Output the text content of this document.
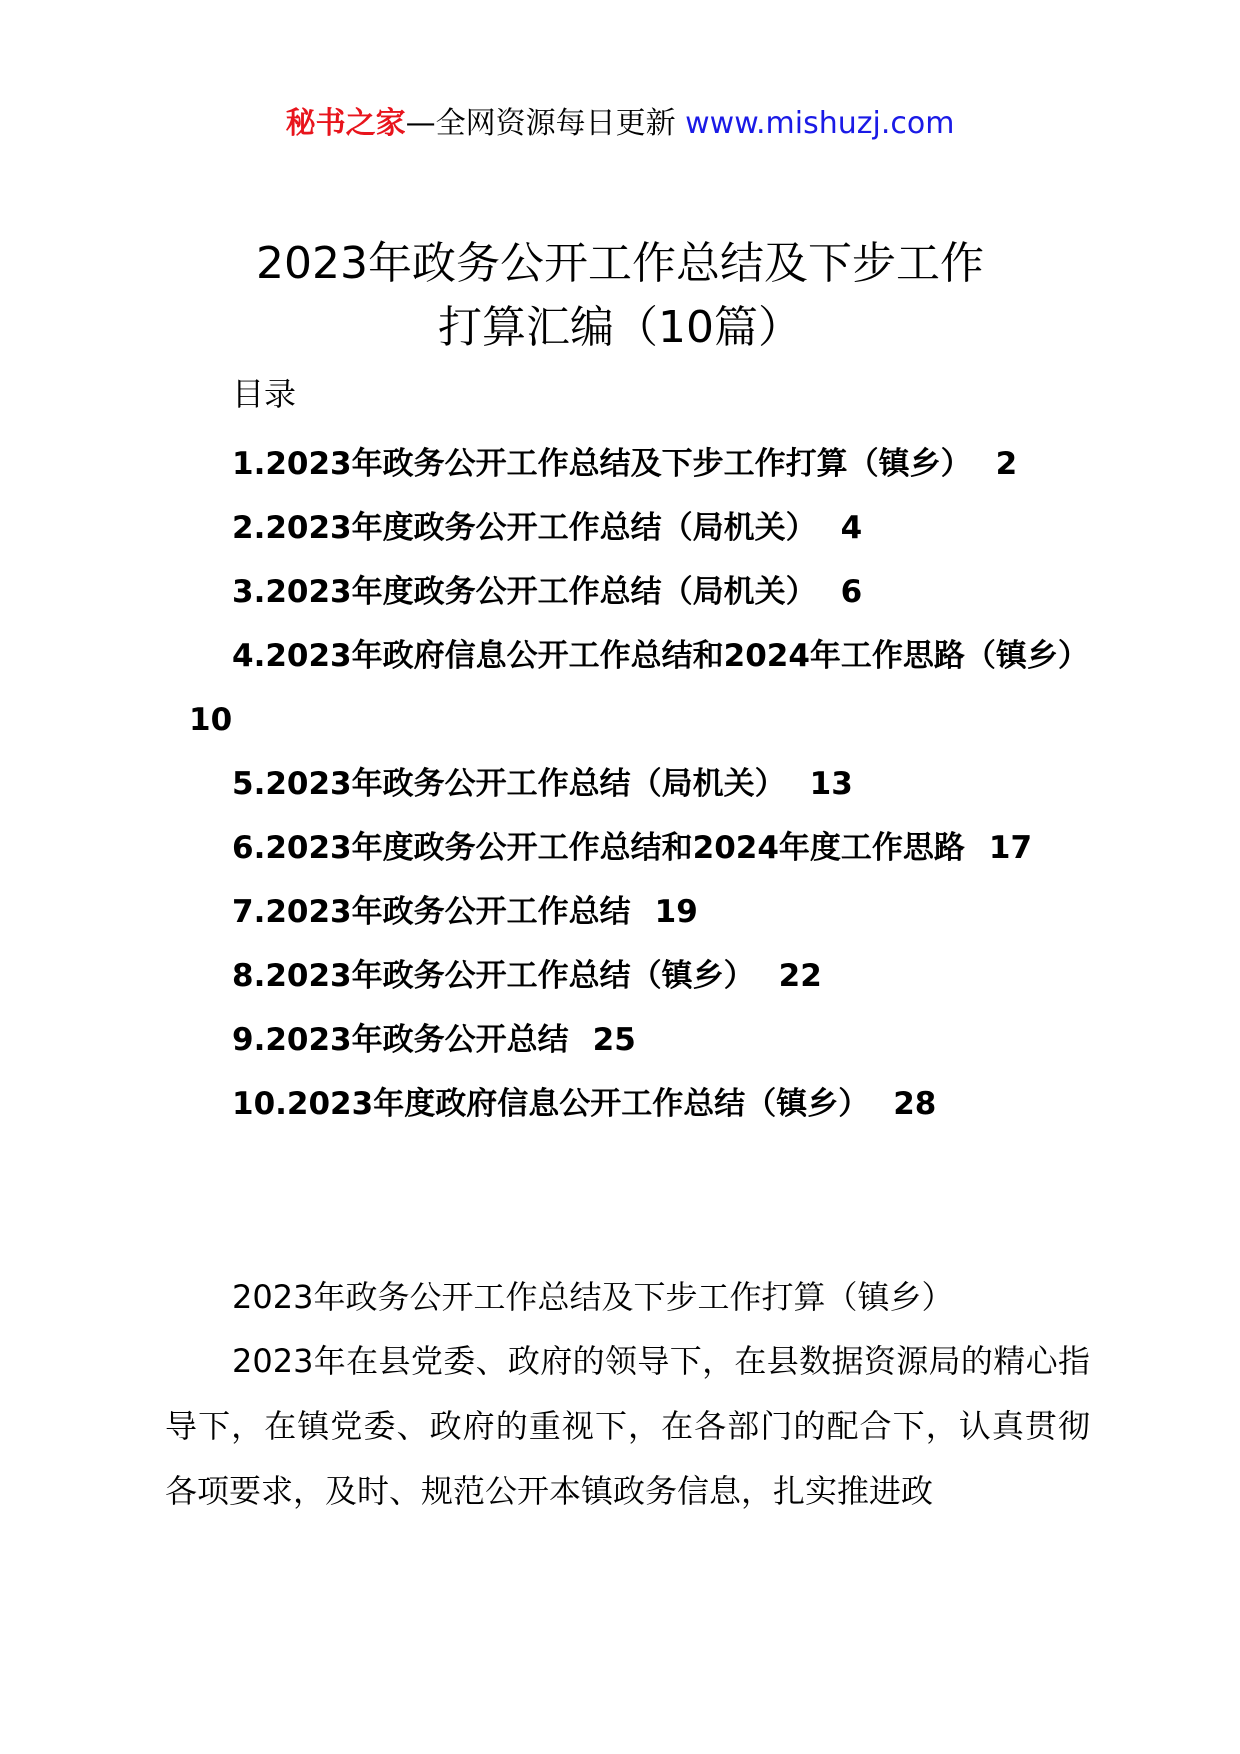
秘书之家—全网资源每日更新 www.mishuzj.com
2023年政务公开工作总结及下步工作
打算汇编（10篇）
目录
1.2023年政务公开工作总结及下步工作打算（镇乡） 2
2.2023年度政务公开工作总结（局机关） 4
3.2023年度政务公开工作总结（局机关） 6
4.2023年政府信息公开工作总结和2024年工作思路（镇乡）10
5.2023年政务公开工作总结（局机关） 13
6.2023年度政务公开工作总结和2024年度工作思路 17
7.2023年政务公开工作总结 19
8.2023年政务公开工作总结（镇乡） 22
9.2023年政务公开总结 25
10.2023年度政府信息公开工作总结（镇乡） 28

2023年政务公开工作总结及下步工作打算（镇乡）

2023年在县党委、政府的领导下，在县数据资源局的精心指导下，在镇党委、政府的重视下，在各部门的配合下，认真贯彻各项要求，及时、规范公开本镇政务信息，扎实推进政
